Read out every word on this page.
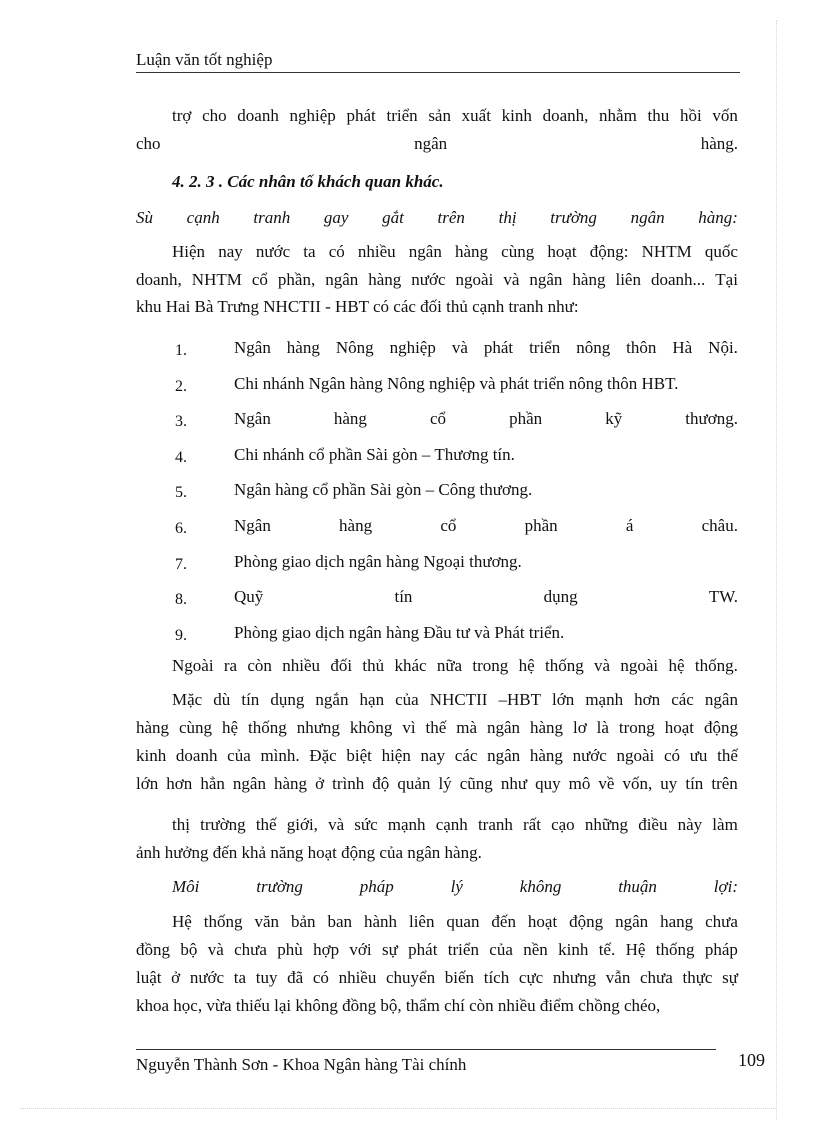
Luận văn tốt nghiệp
trợ cho doanh nghiệp phát triển sản xuất kinh doanh, nhằm thu hồi vốn
cho	ngân	hàng.
4. 2. 3 . Các nhân tố khách quan khác.
Sù cạnh tranh gay gắt trên thị trường ngân hàng:
Hiện nay nước ta có nhiều ngân hàng cùng hoạt động: NHTM quốc
doanh, NHTM cổ phần, ngân hàng nước ngoài và ngân hàng liên doanh... Tại
khu Hai Bà Trưng NHCTII - HBT có các đối thủ cạnh tranh như:
1.	Ngân hàng Nông nghiệp và phát triển nông thôn Hà Nội.
2.	Chi nhánh Ngân hàng Nông nghiệp và phát triển nông thôn HBT.
3.	Ngân	hàng	cổ	phần	kỹ	thương.
4.	Chi nhánh cổ phần Sài gòn – Thương tín.
5.	Ngân hàng cổ phần Sài gòn – Công thương.
6.	Ngân	hàng	cổ	phần	á	châu.
7.	Phòng giao dịch ngân hàng Ngoại thương.
8.	Quỹ	tín	dụng	TW.
9.	Phòng giao dịch ngân hàng Đầu tư và Phát triển.
Ngoài ra còn nhiều đối thủ khác nữa trong hệ thống và ngoài hệ thống.
Mặc dù tín dụng ngắn hạn của NHCTII –HBT lớn mạnh hơn các ngân
hàng cùng hệ thống nhưng không vì thế mà ngân hàng lơ là trong hoạt động
kinh doanh của mình. Đặc biệt hiện nay các ngân hàng nước ngoài có ưu thế
lớn hơn hẳn ngân hàng ở trình độ quản lý cũng như quy mô về vốn, uy tín trên
thị trường thế giới, và sức mạnh cạnh tranh rất cạo những điều này làm
ảnh hưởng đến khả năng hoạt động của ngân hàng.
Môi	trường	pháp	lý	không	thuận	lợi:
Hệ thống văn bản ban hành liên quan đến hoạt động ngân hang chưa
đồng bộ và chưa phù hợp với sự phát triển của nền kinh tế. Hệ thống pháp
luật ở nước ta tuy đã có nhiều chuyển biến tích cực nhưng vẫn chưa thực sự
khoa học, vừa thiếu lại không đồng bộ, thẩm chí còn nhiều điểm chồng chéo,
Nguyễn Thành Sơn - Khoa Ngân hàng Tài chính	109
